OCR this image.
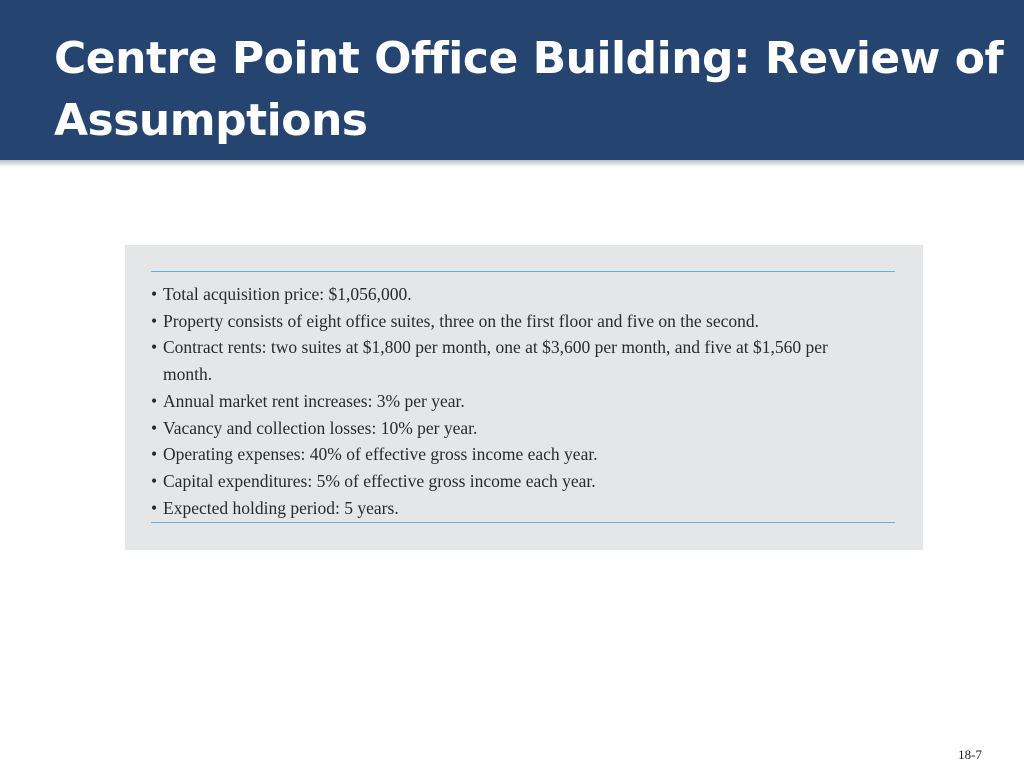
Centre Point Office Building: Review of Assumptions
• Total acquisition price: $1,056,000.
• Property consists of eight office suites, three on the first floor and five on the second.
• Contract rents: two suites at $1,800 per month, one at $3,600 per month, and five at $1,560 per month.
• Annual market rent increases: 3% per year.
• Vacancy and collection losses: 10% per year.
• Operating expenses: 40% of effective gross income each year.
• Capital expenditures: 5% of effective gross income each year.
• Expected holding period: 5 years.
18-7
